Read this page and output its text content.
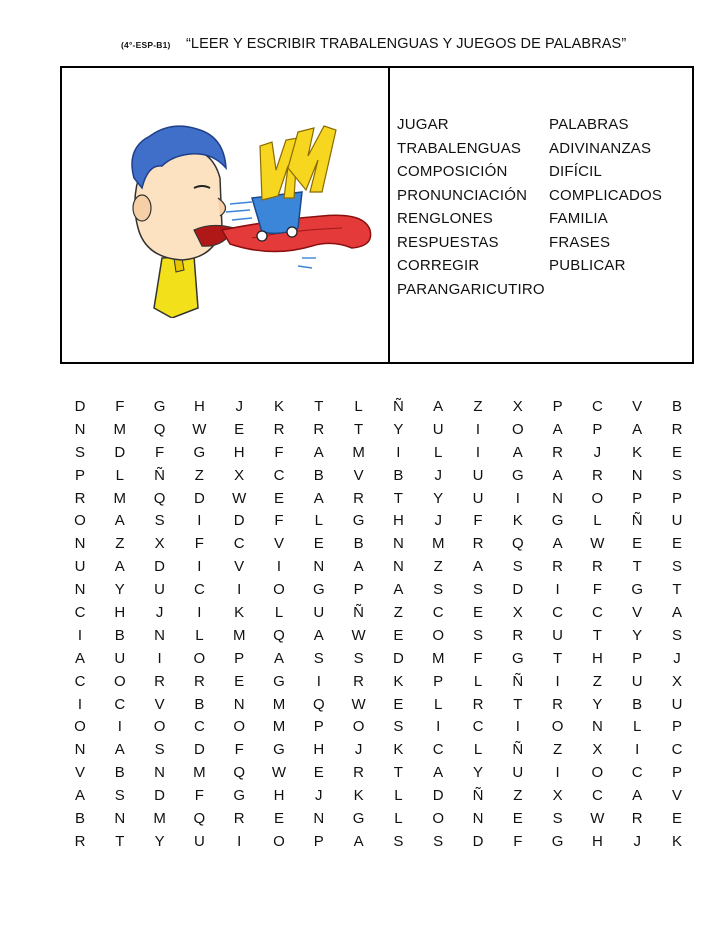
(4°-ESP-B1) “LEER Y ESCRIBIR TRABALENGUAS Y JUEGOS DE PALABRAS”
JUGAR	PALABRAS
TRABALENGUAS ADIVINANZAS
COMPOSICIÓN	DIFÍCIL
PRONUNCIACIÓN COMPLICADOS
RENGLONES	FAMILIA
RESPUESTAS	FRASES
CORREGIR	PUBLICAR
PARANGARICUTIRO
D	F	G	H	J	K	T	L	Ñ	A	Z	X	P	C	V	B
N	M	Q	W	E	R	R	T	Y	U	I	O	A	P	A	R
S	D	F	G	H	F	A	M	I	L	I	A	R	J	K	E
P	L	Ñ	Z	X	C	B	V	B	J	U	G	A	R	N	S
R	M	Q	D	W	E	A	R	T	Y	U	I	N	O	P	P
O	A	S	I	D	F	L	G	H	J	F	K	G	L	Ñ	U
N	Z	X	F	C	V	E	B	N	M	R	Q	A	W	E	E
U	A	D	I	V	I	N	A	N	Z	A	S	R	R	T	S
N	Y	U	C	I	O	G	P	A	S	S	D	I	F	G	T
C	H	J	I	K	L	U	Ñ	Z	C	E	X	C	C	V	A
I	B	N	L	M	Q	A	W	E	O	S	R	U	T	Y	S
A	U	I	O	P	A	S	S	D	M	F	G	T	H	P	J
C	O	R	R	E	G	I	R	K	P	L	Ñ	I	Z	U	X
I	C	V	B	N	M	Q	W	E	L	R	T	R	Y	B	U
O	I	O	C	O	M	P	O	S	I	C	I	O	N	L	P
N	A	S	D	F	G	H	J	K	C	L	Ñ	Z	X	I	C
V	B	N	M	Q	W	E	R	T	A	Y	U	I	O	C	P
A	S	D	F	G	H	J	K	L	D	Ñ	Z	X	C	A	V
B	N	M	Q	R	E	N	G	L	O	N	E	S	W	R	E
R	T	Y	U	I	O	P	A	S	S	D	F	G	H	J	K
